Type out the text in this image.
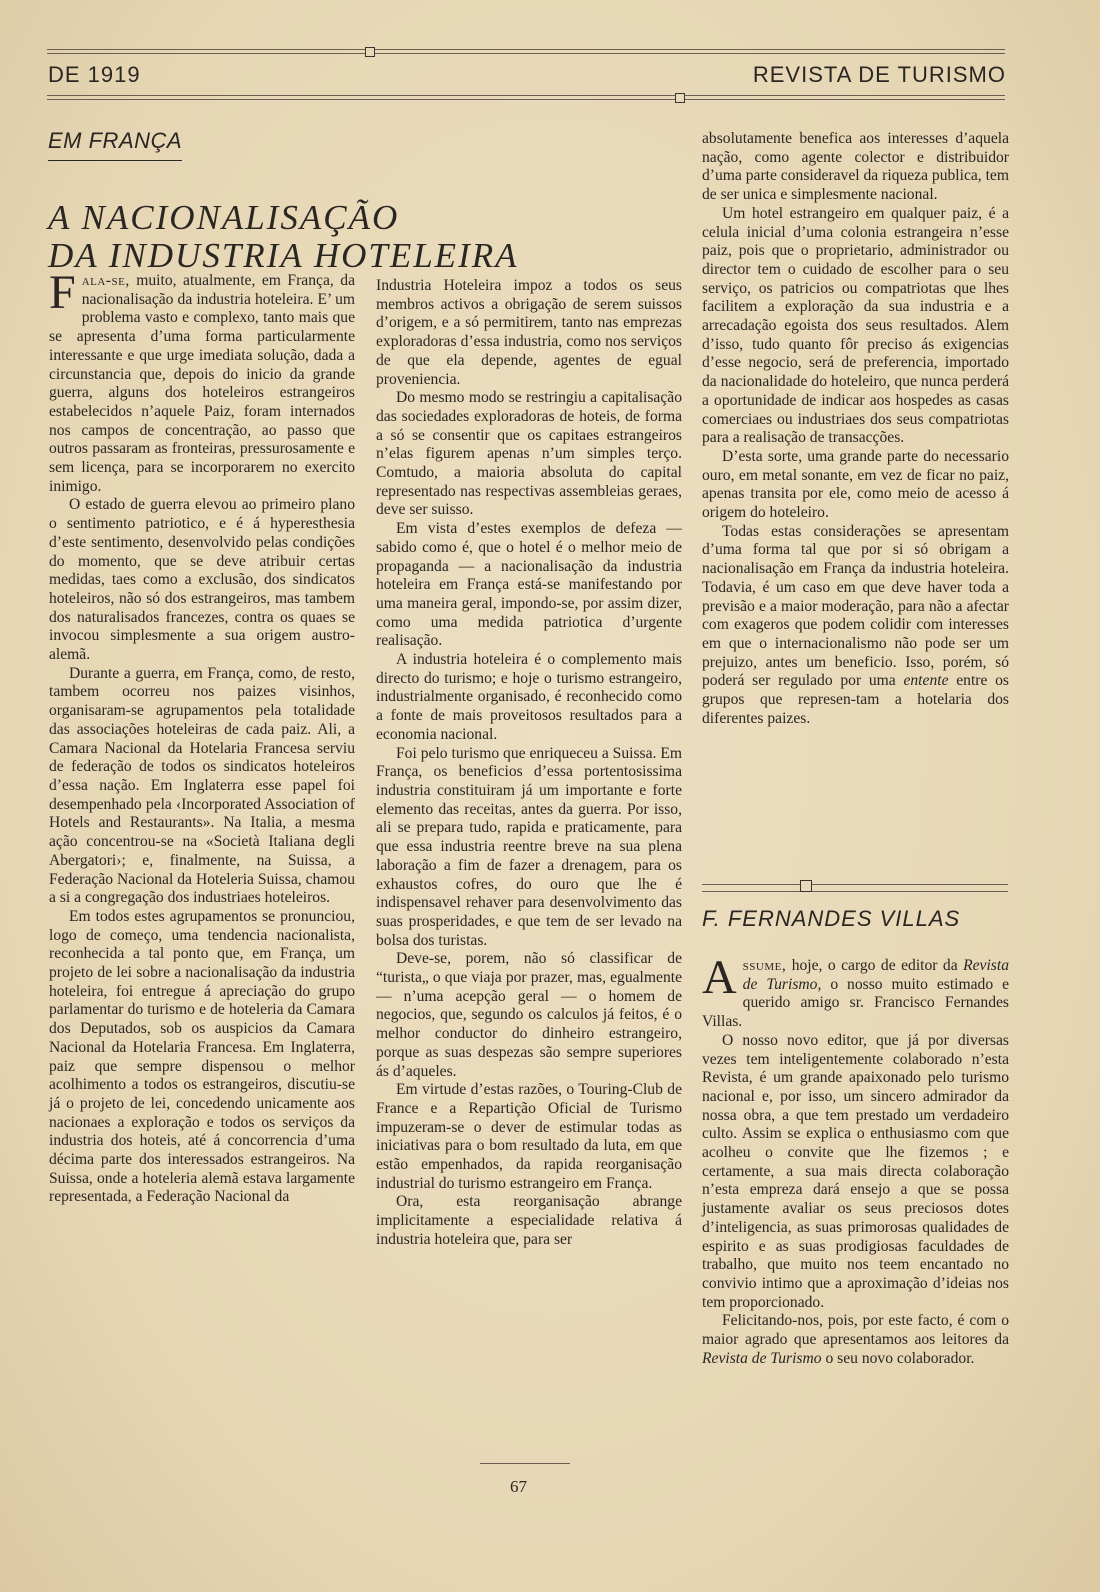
DE 1919	REVISTA DE TURISMO
EM FRANÇA
A NACIONALISAÇÃO
DA INDUSTRIA HOTELEIRA

Fala-se, muito, atualmente, em França, da nacionalisação da industria hoteleira. E’ um problema vasto e complexo, tanto mais que se apresenta d’uma forma particularmente interessante e que urge imediata solução, dada a circunstancia que, depois do inicio da grande guerra, alguns dos hoteleiros estrangeiros estabelecidos n’aquele Paiz, foram internados nos campos de concentração, ao passo que outros passaram as fronteiras, pressurosamente e sem licença, para se incorporarem no exercito inimigo.

O estado de guerra elevou ao primeiro plano o sentimento patriotico, e é á hyperesthesia d’este sentimento, desenvolvido pelas condições do momento, que se deve atribuir certas medidas, taes como a exclusão, dos sindicatos hoteleiros, não só dos estrangeiros, mas tambem dos naturalisados francezes, contra os quaes se invocou simplesmente a sua origem austro-alemã.

Durante a guerra, em França, como, de resto, tambem ocorreu nos paizes visinhos, organisaram-se agrupamentos pela totalidade das associações hoteleiras de cada paiz. Ali, a Camara Nacional da Hotelaria Francesa serviu de federação de todos os sindicatos hoteleiros d’essa nação. Em Inglaterra esse papel foi desempenhado pela ‹Incorporated Association of Hotels and Restaurants». Na Italia, a mesma ação concentrou-se na «Società Italiana degli Abergatori›; e, finalmente, na Suissa, a Federação Nacional da Hoteleria Suissa, chamou a si a congregação dos industriaes hoteleiros.

Em todos estes agrupamentos se pronunciou, logo de começo, uma tendencia nacionalista, reconhecida a tal ponto que, em França, um projeto de lei sobre a nacionalisação da industria hoteleira, foi entregue á apreciação do grupo parlamentar do turismo e de hoteleria da Camara dos Deputados, sob os auspicios da Camara Nacional da Hotelaria Francesa. Em Inglaterra, paiz que sempre dispensou o melhor acolhimento a todos os estrangeiros, discutiu-se já o projeto de lei, concedendo unicamente aos nacionaes a exploração e todos os serviços da industria dos hoteis, até á concorrencia d’uma décima parte dos interessados estrangeiros. Na Suissa, onde a hoteleria alemã estava largamente representada, a Federação Nacional da

Industria Hoteleira impoz a todos os seus membros activos a obrigação de serem suissos d’origem, e a só permitirem, tanto nas emprezas exploradoras d’essa industria, como nos serviços de que ela depende, agentes de egual proveniencia.

Do mesmo modo se restringiu a capitalisação das sociedades exploradoras de hoteis, de forma a só se consentir que os capitaes estrangeiros n’elas figurem apenas n’um simples terço. Comtudo, a maioria absoluta do capital representado nas respectivas assembleias geraes, deve ser suisso.

Em vista d’estes exemplos de defeza — sabido como é, que o hotel é o melhor meio de propaganda — a nacionalisação da industria hoteleira em França está-se manifestando por uma maneira geral, impondo-se, por assim dizer, como uma medida patriotica d’urgente realisação.

A industria hoteleira é o complemento mais directo do turismo; e hoje o turismo estrangeiro, industrialmente organisado, é reconhecido como a fonte de mais proveitosos resultados para a economia nacional.

Foi pelo turismo que enriqueceu a Suissa. Em França, os beneficios d’essa portentosissima industria constituiram já um importante e forte elemento das receitas, antes da guerra. Por isso, ali se prepara tudo, rapida e praticamente, para que essa industria reentre breve na sua plena laboração a fim de fazer a drenagem, para os exhaustos cofres, do ouro que lhe é indispensavel rehaver para desenvolvimento das suas prosperidades, e que tem de ser levado na bolsa dos turistas.

Deve-se, porem, não só classificar de “turista„ o que viaja por prazer, mas, egualmente — n’uma acepção geral — o homem de negocios, que, segundo os calculos já feitos, é o melhor conductor do dinheiro estrangeiro, porque as suas despezas são sempre superiores ás d’aqueles.

Em virtude d’estas razões, o Touring-Club de France e a Repartição Oficial de Turismo impuzeram-se o dever de estimular todas as iniciativas para o bom resultado da luta, em que estão empenhados, da rapida reorganisação industrial do turismo estrangeiro em França.

Ora, esta reorganisação abrange implicitamente a especialidade relativa á industria hoteleira que, para ser

absolutamente benefica aos interesses d’aquela nação, como agente colector e distribuidor d’uma parte consideravel da riqueza publica, tem de ser unica e simplesmente nacional.

Um hotel estrangeiro em qualquer paiz, é a celula inicial d’uma colonia estrangeira n’esse paiz, pois que o proprietario, administrador ou director tem o cuidado de escolher para o seu serviço, os patricios ou compatriotas que lhes facilitem a exploração da sua industria e a arrecadação egoista dos seus resultados. Alem d’isso, tudo quanto fôr preciso ás exigencias d’esse negocio, será de preferencia, importado da nacionalidade do hoteleiro, que nunca perderá a oportunidade de indicar aos hospedes as casas comerciaes ou industriaes dos seus compatriotas para a realisação de transacções.

D’esta sorte, uma grande parte do necessario ouro, em metal sonante, em vez de ficar no paiz, apenas transita por ele, como meio de acesso á origem do hoteleiro.

Todas estas considerações se apresentam d’uma forma tal que por si só obrigam a nacionalisação em França da industria hoteleira. Todavia, é um caso em que deve haver toda a previsão e a maior moderação, para não a afectar com exageros que podem colidir com interesses em que o internacionalismo não pode ser um prejuizo, antes um beneficio. Isso, porém, só poderá ser regulado por uma entente entre os grupos que represen-tam a hotelaria dos diferentes paizes.

F. FERNANDES VILLAS

Assume, hoje, o cargo de editor da Revista de Turismo, o nosso muito estimado e querido amigo sr. Francisco Fernandes Villas.

O nosso novo editor, que já por diversas vezes tem inteligentemente colaborado n’esta Revista, é um grande apaixonado pelo turismo nacional e, por isso, um sincero admirador da nossa obra, a que tem prestado um verdadeiro culto. Assim se explica o enthusiasmo com que acolheu o convite que lhe fizemos ; e certamente, a sua mais directa colaboração n’esta empreza dará ensejo a que se possa justamente avaliar os seus preciosos dotes d’inteligencia, as suas primorosas qualidades de espirito e as suas prodigiosas faculdades de trabalho, que muito nos teem encantado no convivio intimo que a aproximação d’ideias nos tem proporcionado.

Felicitando-nos, pois, por este facto, é com o maior agrado que apresentamos aos leitores da Revista de Turismo o seu novo colaborador.

67
